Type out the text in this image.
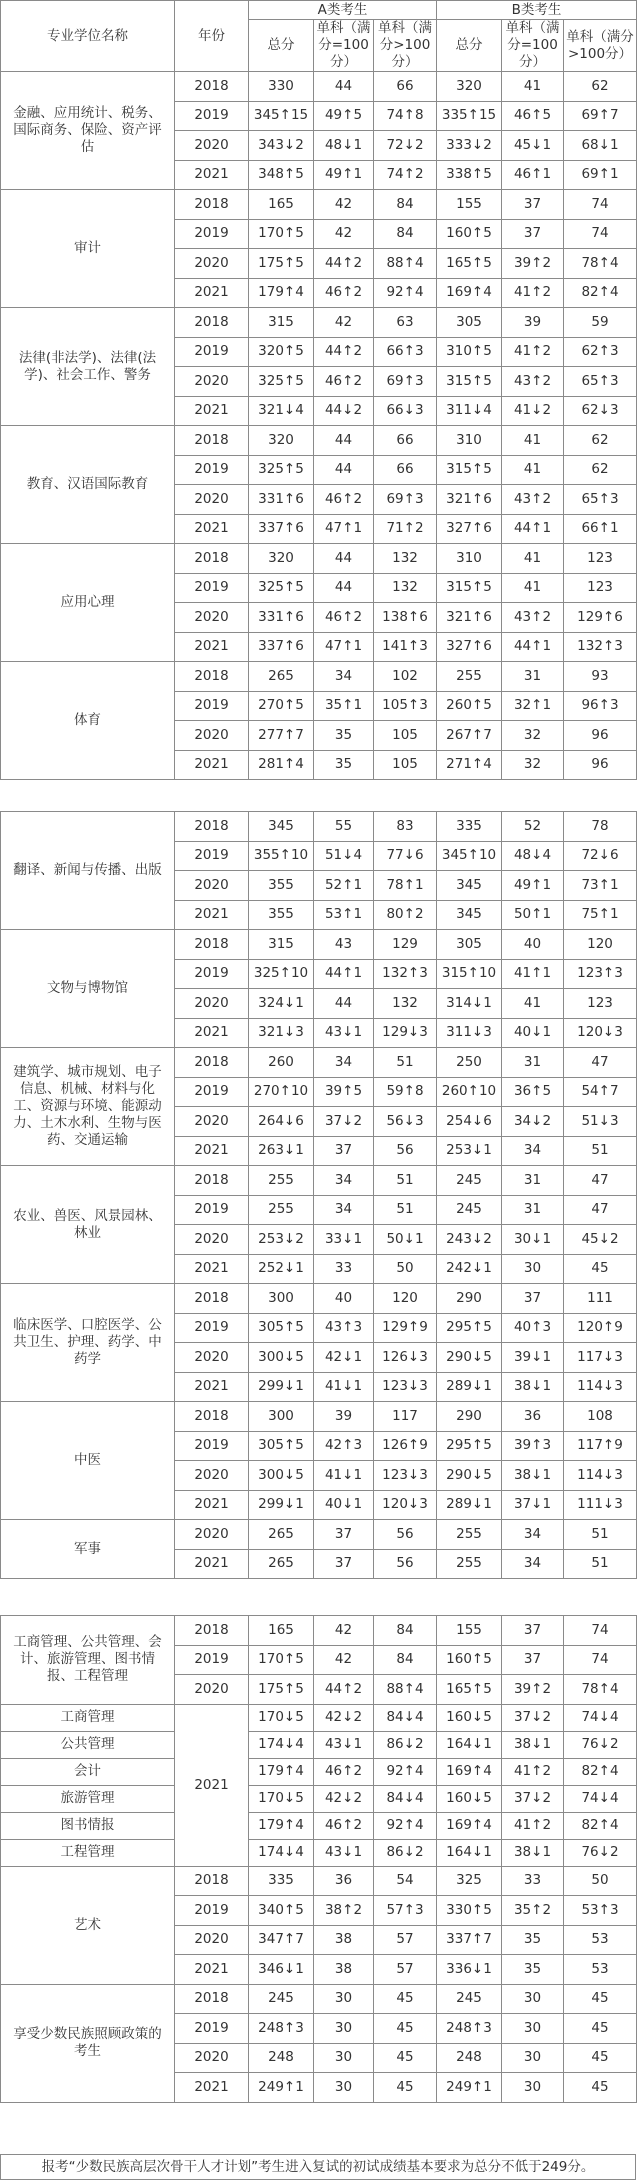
专业学位名称	年份	A类考生			B类考生		
		总分	单科（满分=100分）	单科（满分>100分）	总分	单科（满分=100分）	单科（满分>100分）
金融、应用统计、税务、国际商务、保险、资产评估	2018	330	44	66	320	41	62
	2019	345↑15	49↑5	74↑8	335↑15	46↑5	69↑7
	2020	343↓2	48↓1	72↓2	333↓2	45↓1	68↓1
	2021	348↑5	49↑1	74↑2	338↑5	46↑1	69↑1
审计	2018	165	42	84	155	37	74
	2019	170↑5	42	84	160↑5	37	74
	2020	175↑5	44↑2	88↑4	165↑5	39↑2	78↑4
	2021	179↑4	46↑2	92↑4	169↑4	41↑2	82↑4
法律(非法学)、法律(法学)、社会工作、警务	2018	315	42	63	305	39	59
	2019	320↑5	44↑2	66↑3	310↑5	41↑2	62↑3
	2020	325↑5	46↑2	69↑3	315↑5	43↑2	65↑3
	2021	321↓4	44↓2	66↓3	311↓4	41↓2	62↓3
教育、汉语国际教育	2018	320	44	66	310	41	62
	2019	325↑5	44	66	315↑5	41	62
	2020	331↑6	46↑2	69↑3	321↑6	43↑2	65↑3
	2021	337↑6	47↑1	71↑2	327↑6	44↑1	66↑1
应用心理	2018	320	44	132	310	41	123
	2019	325↑5	44	132	315↑5	41	123
	2020	331↑6	46↑2	138↑6	321↑6	43↑2	129↑6
	2021	337↑6	47↑1	141↑3	327↑6	44↑1	132↑3
体育	2018	265	34	102	255	31	93
	2019	270↑5	35↑1	105↑3	260↑5	32↑1	96↑3
	2020	277↑7	35	105	267↑7	32	96
	2021	281↑4	35	105	271↑4	32	96
翻译、新闻与传播、出版	2018	345	55	83	335	52	78
	2019	355↑10	51↓4	77↓6	345↑10	48↓4	72↓6
	2020	355	52↑1	78↑1	345	49↑1	73↑1
	2021	355	53↑1	80↑2	345	50↑1	75↑1
文物与博物馆	2018	315	43	129	305	40	120
	2019	325↑10	44↑1	132↑3	315↑10	41↑1	123↑3
	2020	324↓1	44	132	314↓1	41	123
	2021	321↓3	43↓1	129↓3	311↓3	40↓1	120↓3
建筑学、城市规划、电子信息、机械、材料与化工、资源与环境、能源动力、土木水利、生物与医药、交通运输	2018	260	34	51	250	31	47
	2019	270↑10	39↑5	59↑8	260↑10	36↑5	54↑7
	2020	264↓6	37↓2	56↓3	254↓6	34↓2	51↓3
	2021	263↓1	37	56	253↓1	34	51
农业、兽医、风景园林、林业	2018	255	34	51	245	31	47
	2019	255	34	51	245	31	47
	2020	253↓2	33↓1	50↓1	243↓2	30↓1	45↓2
	2021	252↓1	33	50	242↓1	30	45
临床医学、口腔医学、公共卫生、护理、药学、中药学	2018	300	40	120	290	37	111
	2019	305↑5	43↑3	129↑9	295↑5	40↑3	120↑9
	2020	300↓5	42↓1	126↓3	290↓5	39↓1	117↓3
	2021	299↓1	41↓1	123↓3	289↓1	38↓1	114↓3
中医	2018	300	39	117	290	36	108
	2019	305↑5	42↑3	126↑9	295↑5	39↑3	117↑9
	2020	300↓5	41↓1	123↓3	290↓5	38↓1	114↓3
	2021	299↓1	40↓1	120↓3	289↓1	37↓1	111↓3
军事	2020	265	37	56	255	34	51
	2021	265	37	56	255	34	51
工商管理、公共管理、会计、旅游管理、图书情报、工程管理	2018	165	42	84	155	37	74
	2019	170↑5	42	84	160↑5	37	74
	2020	175↑5	44↑2	88↑4	165↑5	39↑2	78↑4
工商管理	2021	170↓5	42↓2	84↓4	160↓5	37↓2	74↓4
公共管理		174↓4	43↓1	86↓2	164↓1	38↓1	76↓2
会计		179↑4	46↑2	92↑4	169↑4	41↑2	82↑4
旅游管理		170↓5	42↓2	84↓4	160↓5	37↓2	74↓4
图书情报		179↑4	46↑2	92↑4	169↑4	41↑2	82↑4
工程管理		174↓4	43↓1	86↓2	164↓1	38↓1	76↓2
艺术	2018	335	36	54	325	33	50
	2019	340↑5	38↑2	57↑3	330↑5	35↑2	53↑3
	2020	347↑7	38	57	337↑7	35	53
	2021	346↓1	38	57	336↓1	35	53
享受少数民族照顾政策的考生	2018	245	30	45	245	30	45
	2019	248↑3	30	45	248↑3	30	45
	2020	248	30	45	248	30	45
	2021	249↑1	30	45	249↑1	30	45
报考“少数民族高层次骨干人才计划”考生进入复试的初试成绩基本要求为总分不低于249分。
